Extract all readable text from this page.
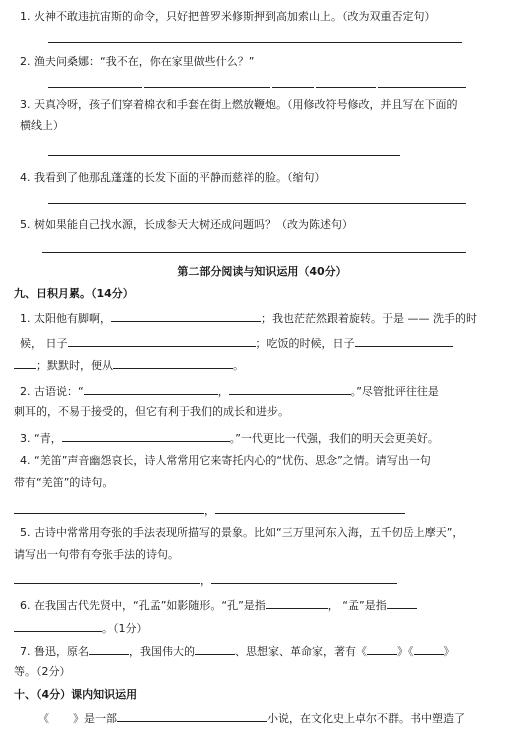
1. 火神不敢违抗宙斯的命令，只好把普罗米修斯押到高加索山上。（改为双重否定句）
2. 渔夫问桑娜：“我不在，你在家里做些什么？”
3. 天真冷呀，孩子们穿着棉衣和手套在街上燃放鞭炮。（用修改符号修改，并且写在下面的
横线上）
4. 我看到了他那乱蓬蓬的长发下面的平静而慈祥的脸。（缩句）
5. 树如果能自己找水源，长成参天大树还成问题吗？（改为陈述句）
第二部分阅读与知识运用（40分）
九、日积月累。（14分）
1. 太阳他有脚啊，	；我也茫茫然跟着旋转。于是 —— 洗手的时
候， 日子	；吃饭的时候，日子
；默默时，便从	。
2. 古语说：“	，	。”尽管批评往往是
刺耳的，不易于接受的，但它有利于我们的成长和进步。
3. “青，	。”一代更比一代强，我们的明天会更美好。
4. “羌笛”声音幽怨哀长，诗人常常用它来寄托内心的“忧伤、思念”之情。请写出一句
带有“羌笛”的诗句。
，
5. 古诗中常常用夸张的手法表现所描写的景象。比如“三万里河东入海，五千仞岳上摩天”，
请写出一句带有夸张手法的诗句。
，
6. 在我国古代先贤中，“孔孟”如影随形。“孔”是指	， “孟”是指
。（1分）
7. 鲁迅，原名	，我国伟大的	、思想家、革命家，著有《	》《	》
等。（2分）
十、（4分）课内知识运用
《 》是一部	小说，在文化史上卓尔不群。书中塑造了
